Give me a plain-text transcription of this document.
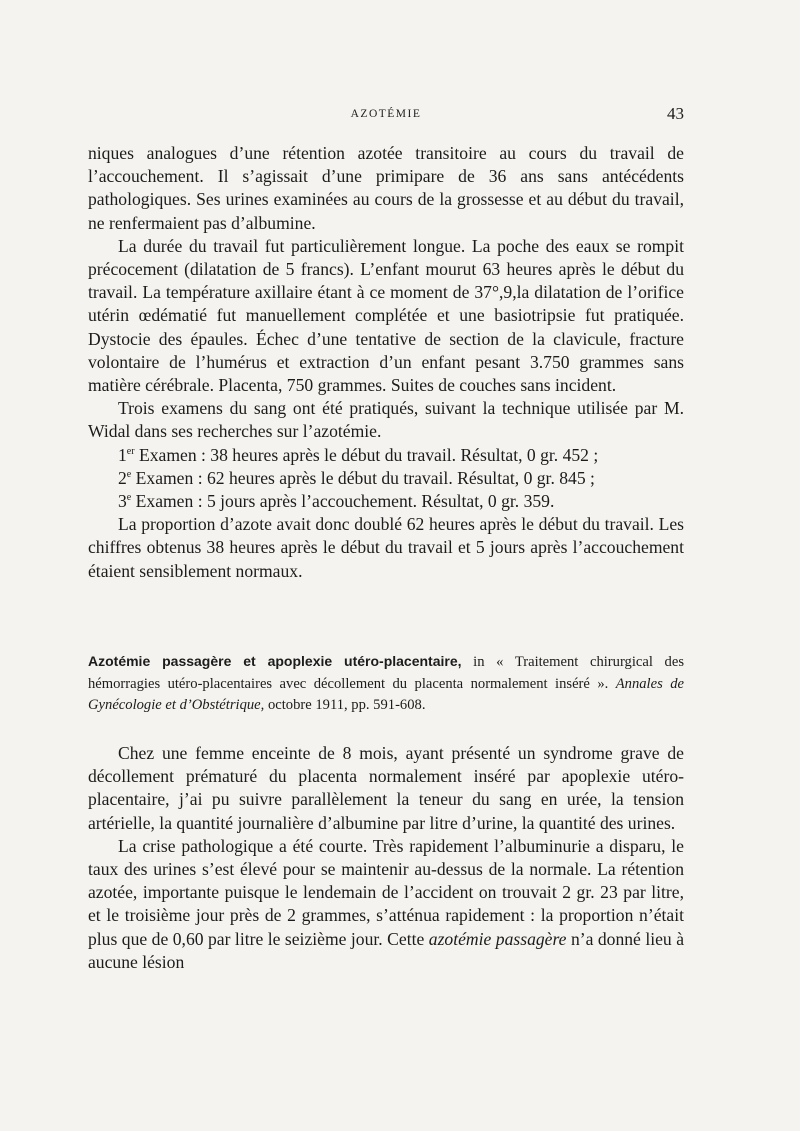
AZOTÉMIE	43

niques analogues d’une rétention azotée transitoire au cours du travail de l’accouchement. Il s’agissait d’une primipare de 36 ans sans antécédents pathologiques. Ses urines examinées au cours de la grossesse et au début du travail, ne renfermaient pas d’albumine.

La durée du travail fut particulièrement longue. La poche des eaux se rompit précocement (dilatation de 5 francs). L’enfant mourut 63 heures après le début du travail. La température axillaire étant à ce moment de 37°,9,la dilatation de l’orifice utérin œdématié fut manuellement complétée et une basiotripsie fut pratiquée. Dystocie des épaules. Échec d’une tentative de section de la clavicule, fracture volontaire de l’humérus et extraction d’un enfant pesant 3.750 grammes sans matière cérébrale. Placenta, 750 grammes. Suites de couches sans incident.

Trois examens du sang ont été pratiqués, suivant la technique utilisée par M. Widal dans ses recherches sur l’azotémie.

1er Examen : 38 heures après le début du travail. Résultat, 0 gr. 452 ;

2e Examen : 62 heures après le début du travail. Résultat, 0 gr. 845 ;

3e Examen : 5 jours après l’accouchement. Résultat, 0 gr. 359.

La proportion d’azote avait donc doublé 62 heures après le début du travail. Les chiffres obtenus 38 heures après le début du travail et 5 jours après l’accouchement étaient sensiblement normaux.

Azotémie passagère et apoplexie utéro-placentaire, in « Traitement chirurgical des hémorragies utéro-placentaires avec décollement du placenta normalement inséré ». Annales de Gynécologie et d’Obstétrique, octobre 1911, pp. 591-608.

Chez une femme enceinte de 8 mois, ayant présenté un syndrome grave de décollement prématuré du placenta normalement inséré par apoplexie utéro-placentaire, j’ai pu suivre parallèlement la teneur du sang en urée, la tension artérielle, la quantité journalière d’albumine par litre d’urine, la quantité des urines.

La crise pathologique a été courte. Très rapidement l’albuminurie a disparu, le taux des urines s’est élevé pour se maintenir au-dessus de la normale. La rétention azotée, importante puisque le lendemain de l’accident on trouvait 2 gr. 23 par litre, et le troisième jour près de 2 grammes, s’atténua rapidement : la proportion n’était plus que de 0,60 par litre le seizième jour. Cette azotémie passagère n’a donné lieu à aucune lésion
